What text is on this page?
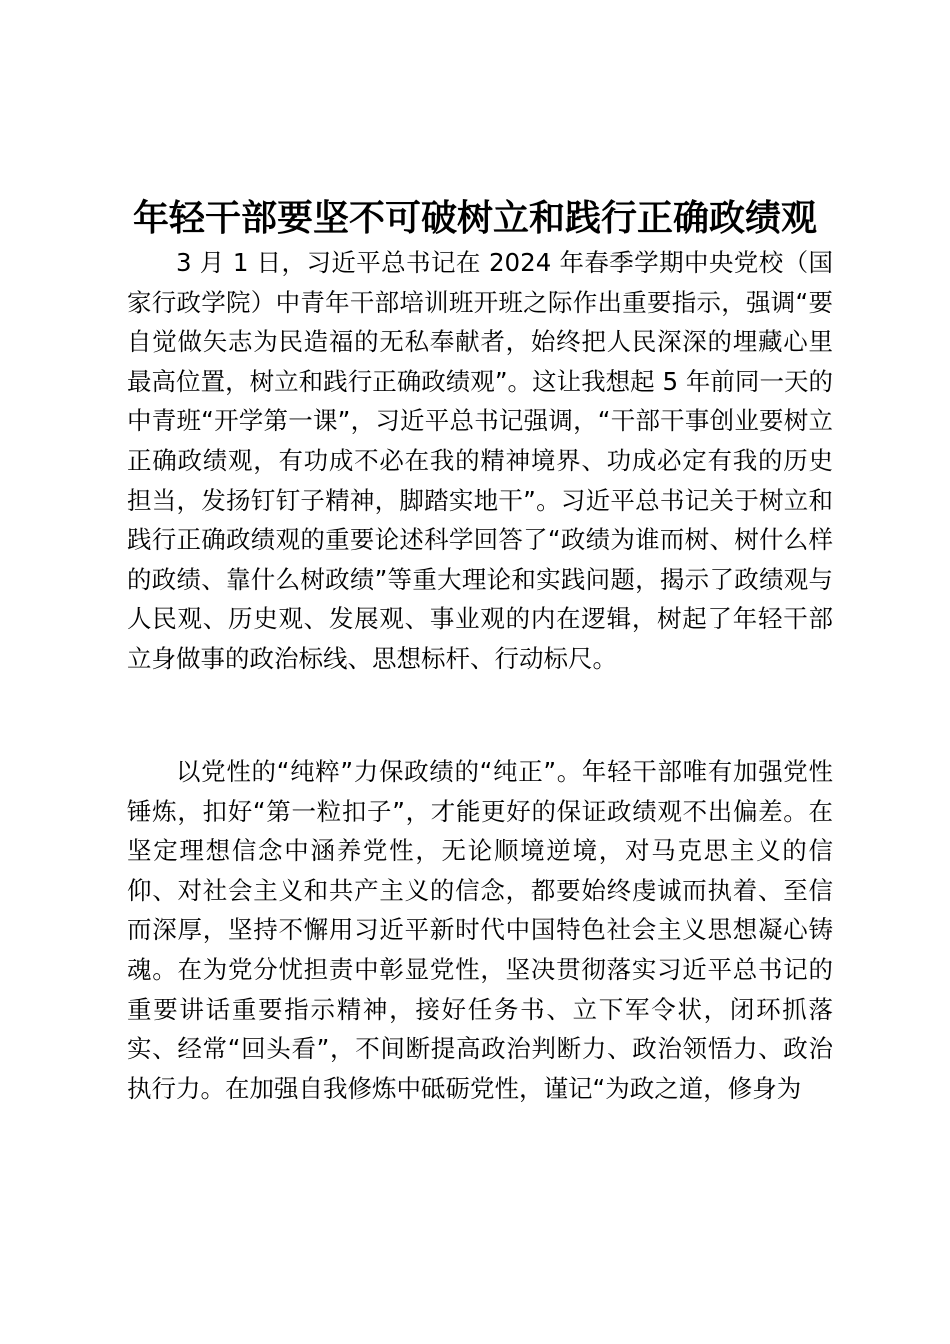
年轻干部要坚不可破树立和践行正确政绩观

3 月 1 日，习近平总书记在 2024 年春季学期中央党校（国家行政学院）中青年干部培训班开班之际作出重要指示，强调“要自觉做矢志为民造福的无私奉献者，始终把人民深深的埋藏心里最高位置，树立和践行正确政绩观”。这让我想起 5 年前同一天的中青班“开学第一课”，习近平总书记强调，“干部干事创业要树立正确政绩观，有功成不必在我的精神境界、功成必定有我的历史担当，发扬钉钉子精神，脚踏实地干”。习近平总书记关于树立和践行正确政绩观的重要论述科学回答了“政绩为谁而树、树什么样的政绩、靠什么树政绩”等重大理论和实践问题，揭示了政绩观与人民观、历史观、发展观、事业观的内在逻辑，树起了年轻干部立身做事的政治标线、思想标杆、行动标尺。

以党性的“纯粹”力保政绩的“纯正”。年轻干部唯有加强党性锤炼，扣好“第一粒扣子”，才能更好的保证政绩观不出偏差。在坚定理想信念中涵养党性，无论顺境逆境，对马克思主义的信仰、对社会主义和共产主义的信念，都要始终虔诚而执着、至信而深厚，坚持不懈用习近平新时代中国特色社会主义思想凝心铸魂。在为党分忧担责中彰显党性，坚决贯彻落实习近平总书记的重要讲话重要指示精神，接好任务书、立下军令状，闭环抓落实、经常“回头看”，不间断提高政治判断力、政治领悟力、政治执行力。在加强自我修炼中砥砺党性，谨记“为政之道，修身为
